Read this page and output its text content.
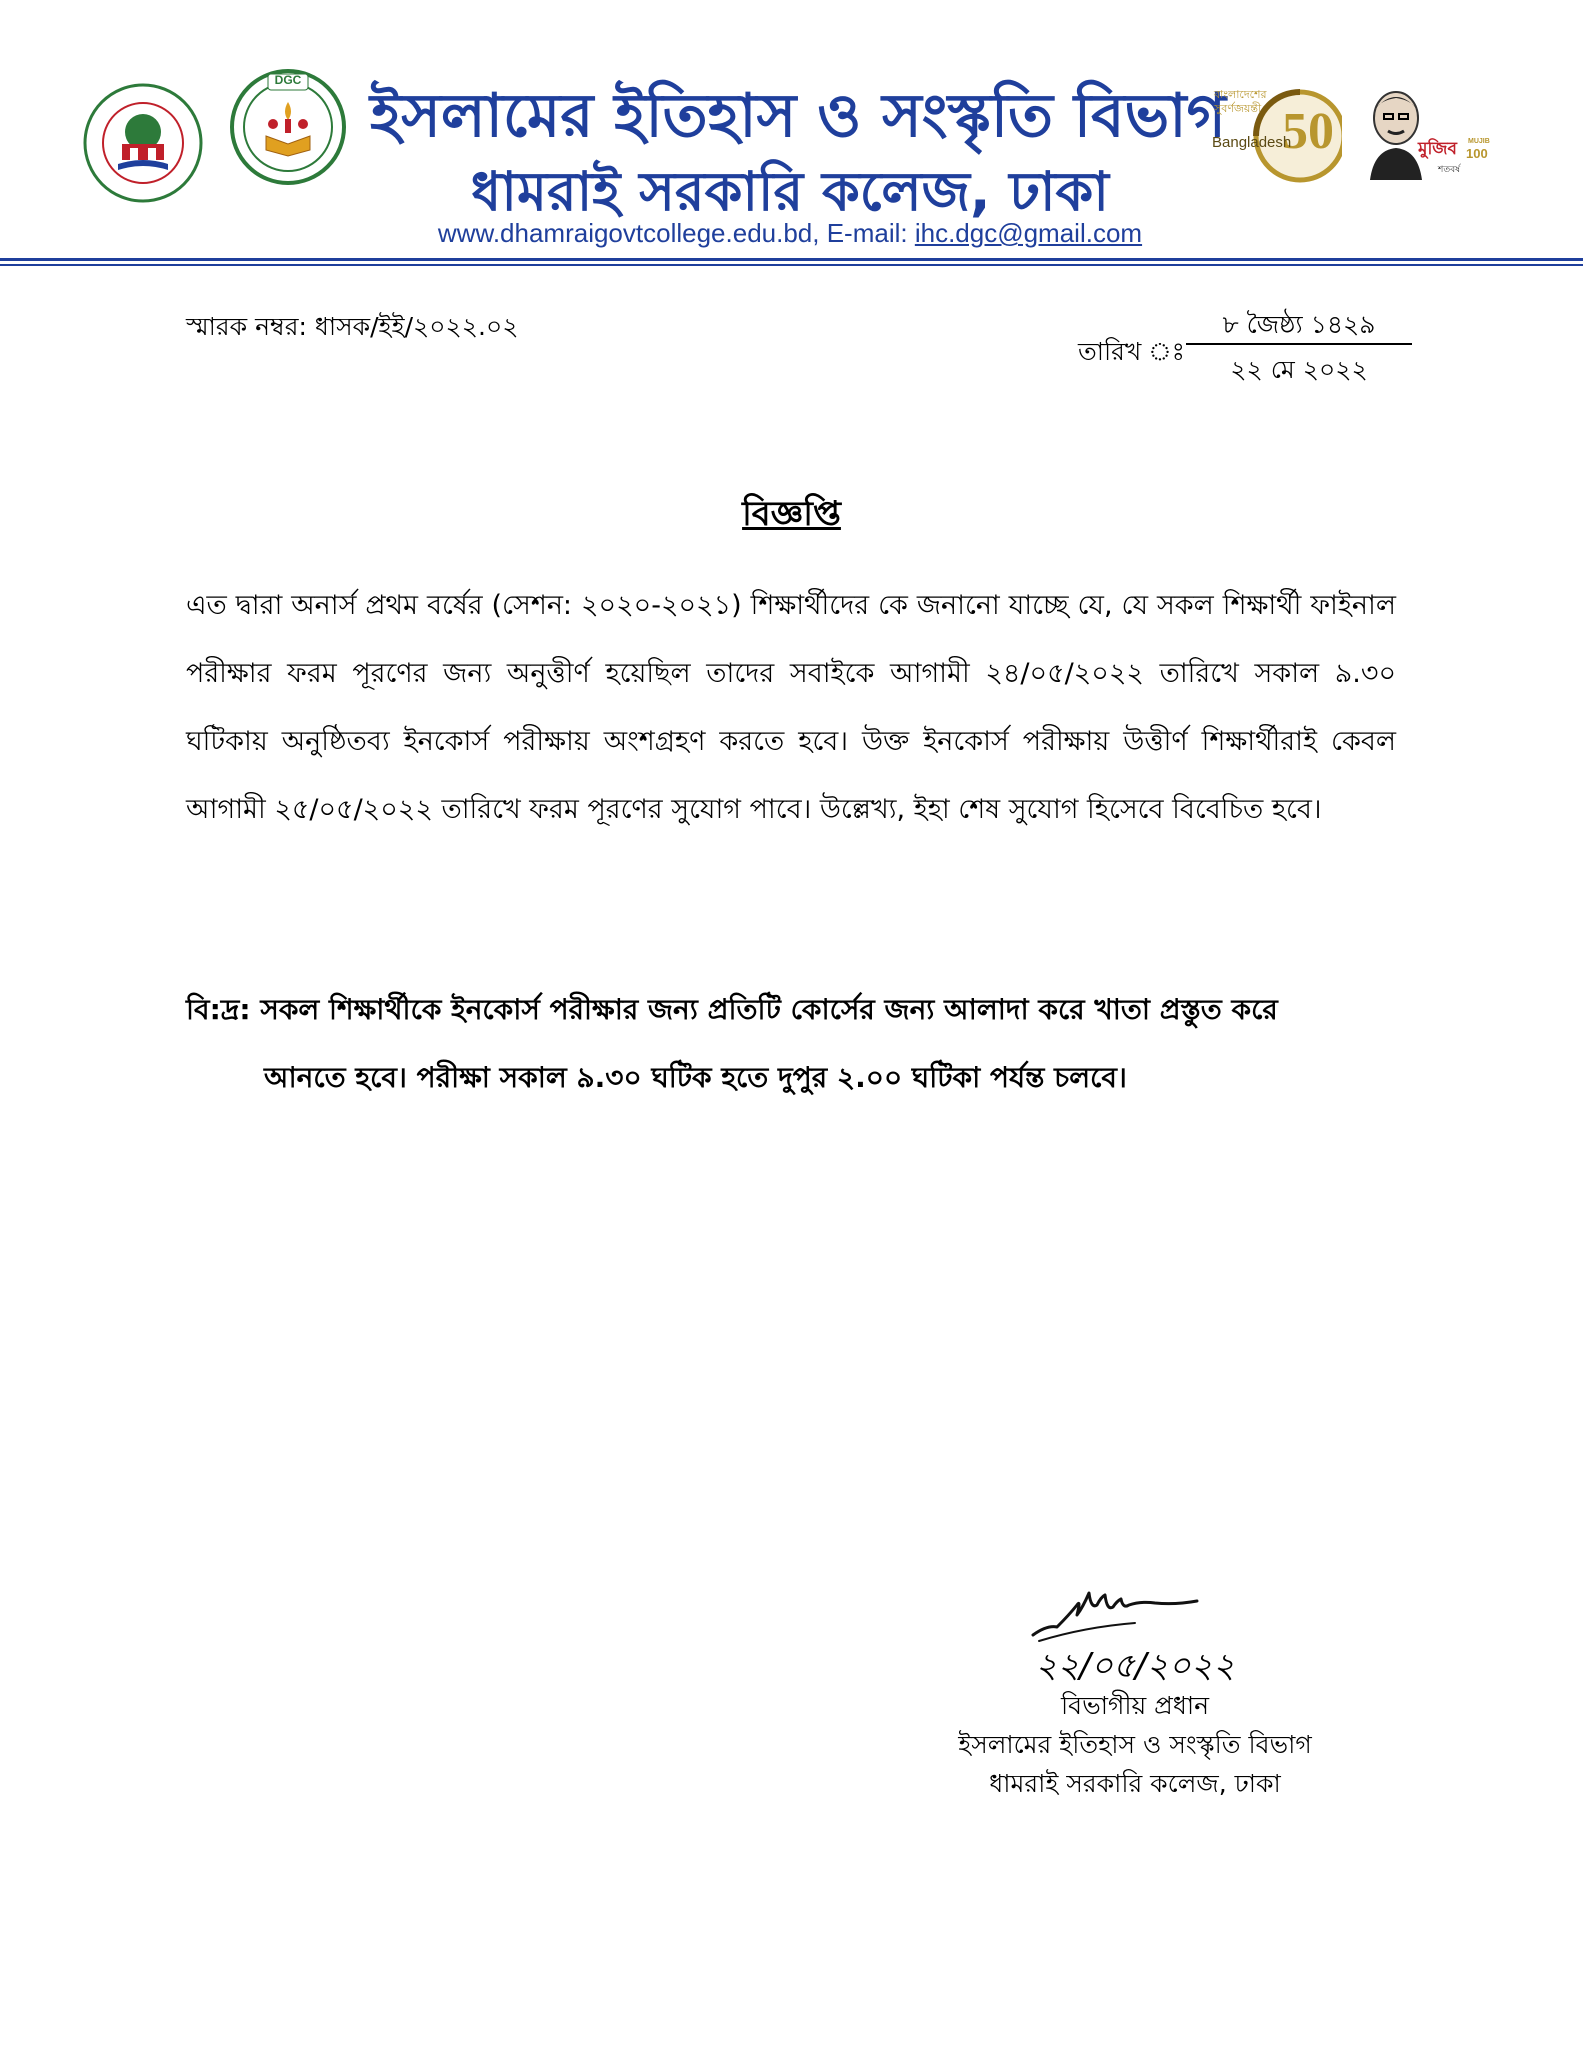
DGC
ইসলামের ইতিহাস ও সংস্কৃতি বিভাগ
ধামরাই সরকারি কলেজ, ঢাকা
www.dhamraigovtcollege.edu.bd, E-mail: ihc.dgc@gmail.com
বাংলাদেশের সুবর্ণজয়ন্তী 50
Bangladesh	মুজিব MUJIB
100
শতবর্ষ
স্মারক নম্বর: ধাসক/ইই/২০২২.০২
তারিখ ঃ
৮ জৈষ্ঠ্য ১৪২৯
২২ মে ২০২২
বিজ্ঞপ্তি
এত দ্বারা অনার্স প্রথম বর্ষের (সেশন: ২০২০-২০২১) শিক্ষার্থীদের কে জনানো যাচ্ছে যে, যে সকল শিক্ষার্থী ফাইনাল পরীক্ষার ফরম পূরণের জন্য অনুত্তীর্ণ হয়েছিল তাদের সবাইকে আগামী ২৪/০৫/২০২২ তারিখে সকাল ৯.৩০ ঘটিকায় অনুষ্ঠিতব্য ইনকোর্স পরীক্ষায় অংশগ্রহণ করতে হবে। উক্ত ইনকোর্স পরীক্ষায় উত্তীর্ণ শিক্ষার্থীরাই কেবল আগামী ২৫/০৫/২০২২ তারিখে ফরম পূরণের সুযোগ পাবে। উল্লেখ্য, ইহা শেষ সুযোগ হিসেবে বিবেচিত হবে।
বি:দ্র: সকল শিক্ষার্থীকে ইনকোর্স পরীক্ষার জন্য প্রতিটি কোর্সের জন্য আলাদা করে খাতা প্রস্তুত করে
আনতে হবে। পরীক্ষা সকাল ৯.৩০ ঘটিক হতে দুপুর ২.০০ ঘটিকা পর্যন্ত চলবে।
২২/০৫/২০২২
বিভাগীয় প্রধান
ইসলামের ইতিহাস ও সংস্কৃতি বিভাগ
ধামরাই সরকারি কলেজ, ঢাকা
